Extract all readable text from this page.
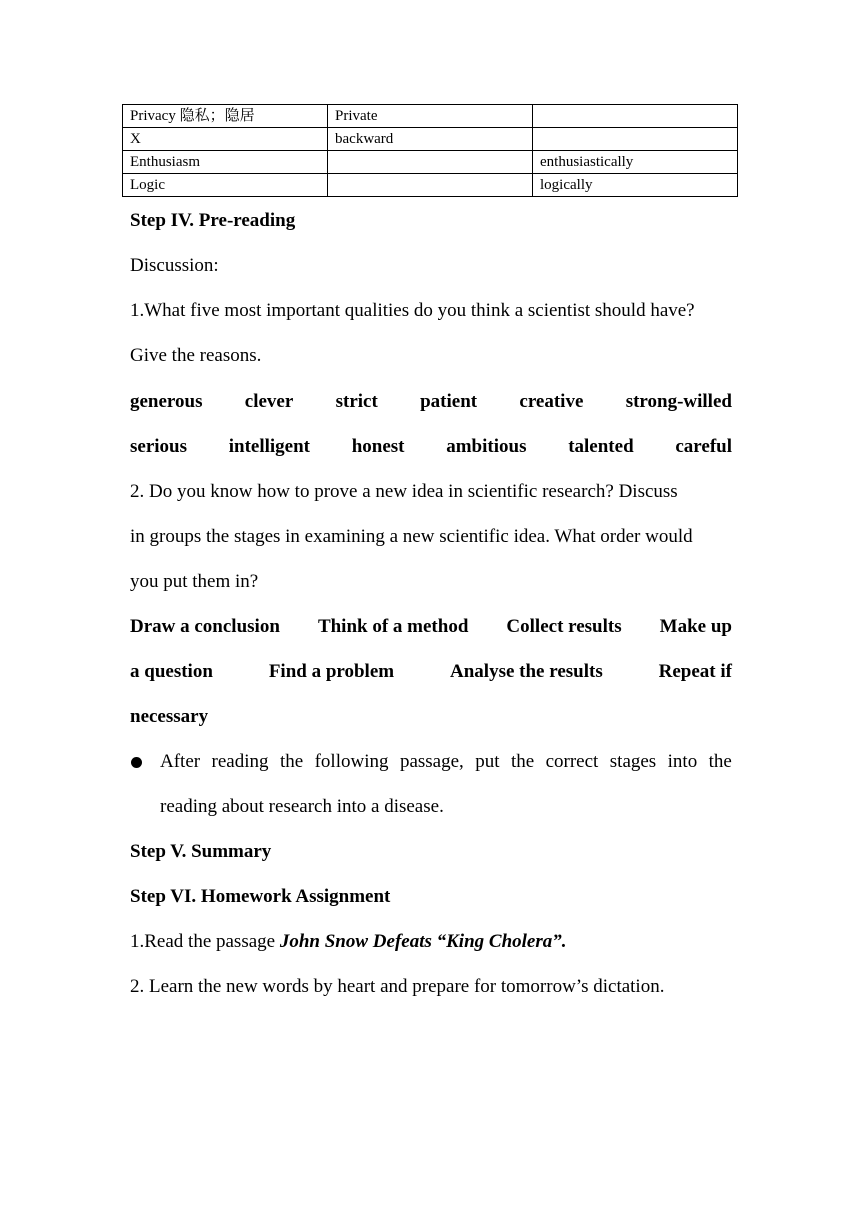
Privacy 隐私；隐居	Private	
X	backward	
Enthusiasm		enthusiastically
Logic		logically
Step IV. Pre-reading
Discussion:
1.What five most important qualities do you think a scientist should have?
Give the reasons.
generous clever strict patient creative strong-willed
serious intelligent honest ambitious talented careful
2. Do you know how to prove a new idea in scientific research? Discuss
in groups the stages in examining a new scientific idea. What order would
you put them in?
Draw a conclusion Think of a method Collect results Make up
a question	Find a problem	Analyse the results	Repeat if
necessary
After reading the following passage, put the correct stages into the
reading about research into a disease.
Step V. Summary
Step VI. Homework Assignment
1.Read the passage John Snow Defeats “King Cholera”.
2. Learn the new words by heart and prepare for tomorrow’s dictation.
